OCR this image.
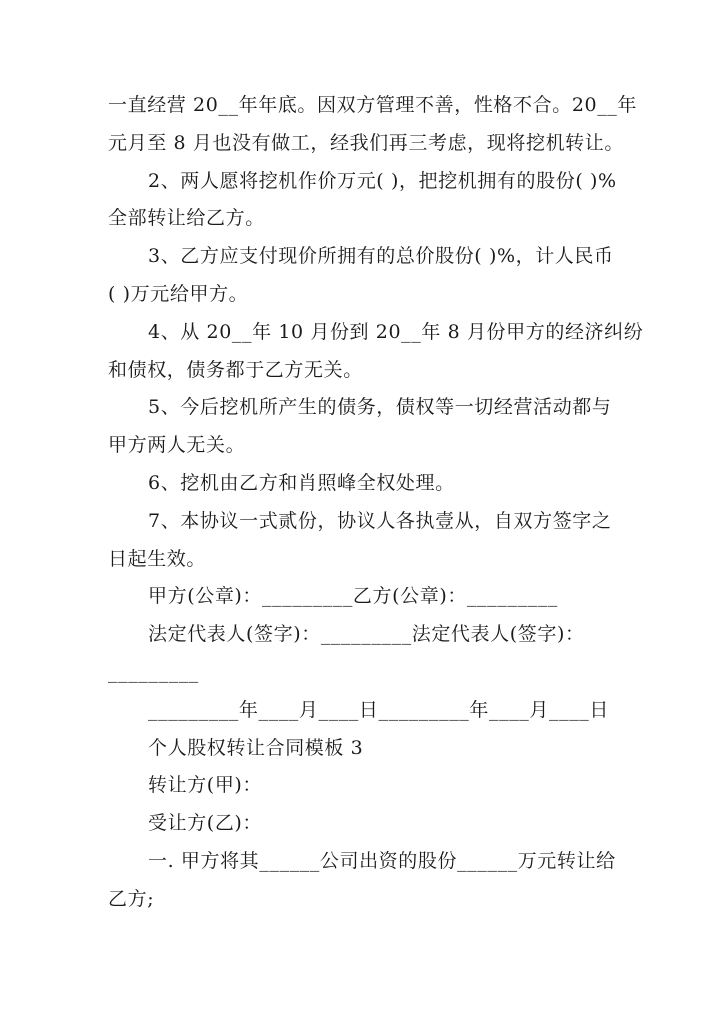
一直经营 20__年年底。因双方管理不善，性格不合。20__年
元月至 8 月也没有做工，经我们再三考虑，现将挖机转让。
2、两人愿将挖机作价万元( )，把挖机拥有的股份( )%
全部转让给乙方。
3、乙方应支付现价所拥有的总价股份( )%，计人民币
( )万元给甲方。
4、从 20__年 10 月份到 20__年 8 月份甲方的经济纠纷
和债权，债务都于乙方无关。
5、今后挖机所产生的债务，债权等一切经营活动都与
甲方两人无关。
6、挖机由乙方和肖照峰全权处理。
7、本协议一式贰份，协议人各执壹从，自双方签字之
日起生效。
甲方(公章)：_________乙方(公章)：_________
法定代表人(签字)：_________法定代表人(签字)：
_________
_________年____月____日_________年____月____日
个人股权转让合同模板 3
转让方(甲)：
受让方(乙)：
一. 甲方将其______公司出资的股份______万元转让给
乙方;
